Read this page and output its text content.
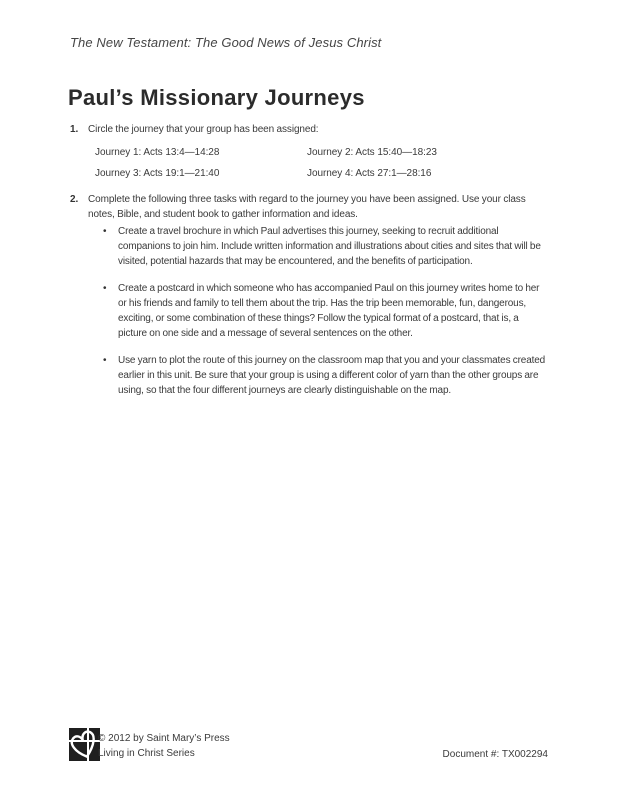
The New Testament: The Good News of Jesus Christ
Paul’s Missionary Journeys
1. Circle the journey that your group has been assigned:
Journey 1: Acts 13:4—14:28	Journey 2: Acts 15:40—18:23
Journey 3: Acts 19:1—21:40	Journey 4: Acts 27:1—28:16
2. Complete the following three tasks with regard to the journey you have been assigned. Use your class notes, Bible, and student book to gather information and ideas.
•	Create a travel brochure in which Paul advertises this journey, seeking to recruit additional companions to join him. Include written information and illustrations about cities and sites that will be visited, potential hazards that may be encountered, and the benefits of participation.
•	Create a postcard in which someone who has accompanied Paul on this journey writes home to her or his friends and family to tell them about the trip. Has the trip been memorable, fun, dangerous, exciting, or some combination of these things? Follow the typical format of a postcard, that is, a picture on one side and a message of several sentences on the other.
•	Use yarn to plot the route of this journey on the classroom map that you and your classmates created earlier in this unit. Be sure that your group is using a different color of yarn than the other groups are using, so that the four different journeys are clearly distinguishable on the map.
© 2012 by Saint Mary’s Press
Living in Christ Series	Document #: TX002294
